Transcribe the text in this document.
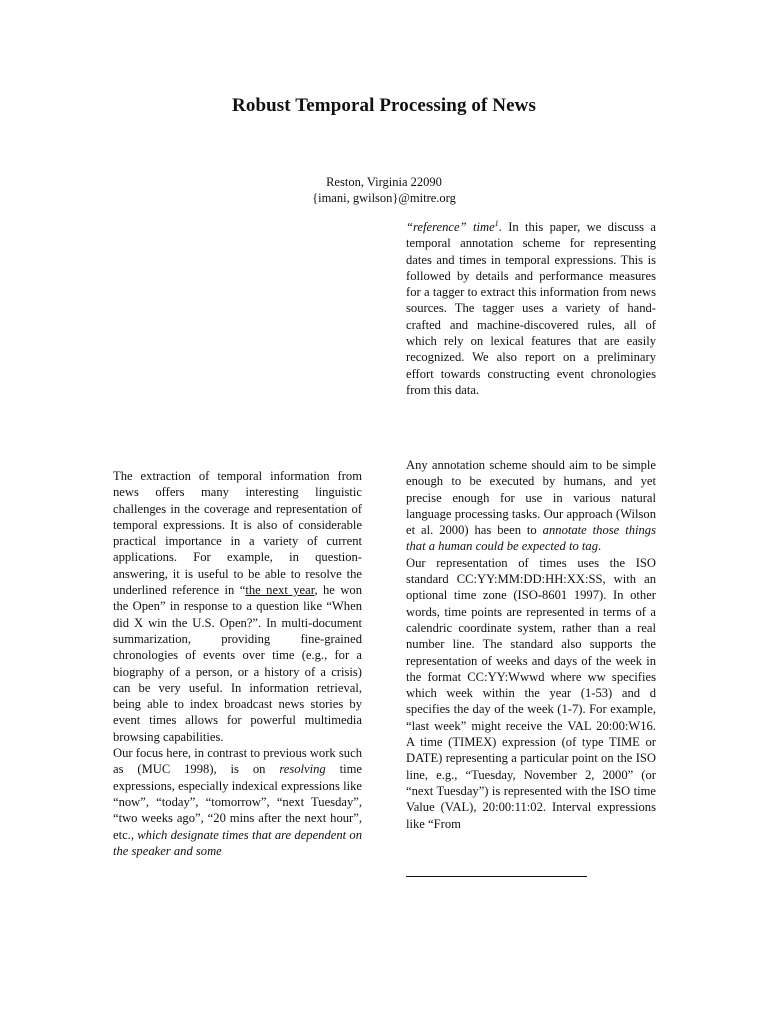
Robust Temporal Processing of News
Reston, Virginia 22090
{imani, gwilson}@mitre.org

“reference” time$^1$. In this paper, we discuss a temporal annotation scheme for representing dates and times in temporal expressions. This is followed by details and performance measures for a tagger to extract this information from news sources. The tagger uses a variety of hand-crafted and machine-discovered rules, all of which rely on lexical features that are easily recognized. We also report on a preliminary effort towards constructing event chronologies from this data.

The extraction of temporal information from news offers many interesting linguistic challenges in the coverage and representation of temporal expressions. It is also of considerable practical importance in a variety of current applications. For example, in question-answering, it is useful to be able to resolve the underlined reference in “the next year, he won the Open” in response to a question like “When did X win the U.S. Open?”. In multi-document summarization, providing fine-grained chronologies of events over time (e.g., for a biography of a person, or a history of a crisis) can be very useful. In information retrieval, being able to index broadcast news stories by event times allows for powerful multimedia browsing capabilities.

Our focus here, in contrast to previous work such as (MUC 1998), is on resolving time expressions, especially indexical expressions like “now”, “today”, “tomorrow”, “next Tuesday”, “two weeks ago”, “20 mins after the next hour”, etc., which designate times that are dependent on the speaker and some

Any annotation scheme should aim to be simple enough to be executed by humans, and yet precise enough for use in various natural language processing tasks. Our approach (Wilson et al. 2000) has been to annotate those things that a human could be expected to tag.

Our representation of times uses the ISO standard CC:YY:MM:DD:HH:XX:SS, with an optional time zone (ISO-8601 1997). In other words, time points are represented in terms of a calendric coordinate system, rather than a real number line. The standard also supports the representation of weeks and days of the week in the format CC:YY:Wwwd where ww specifies which week within the year (1-53) and d specifies the day of the week (1-7). For example, “last week” might receive the VAL 20:00:W16. A time (TIMEX) expression (of type TIME or DATE) representing a particular point on the ISO line, e.g., “Tuesday, November 2, 2000” (or “next Tuesday”) is represented with the ISO time Value (VAL), 20:00:11:02. Interval expressions like “From
